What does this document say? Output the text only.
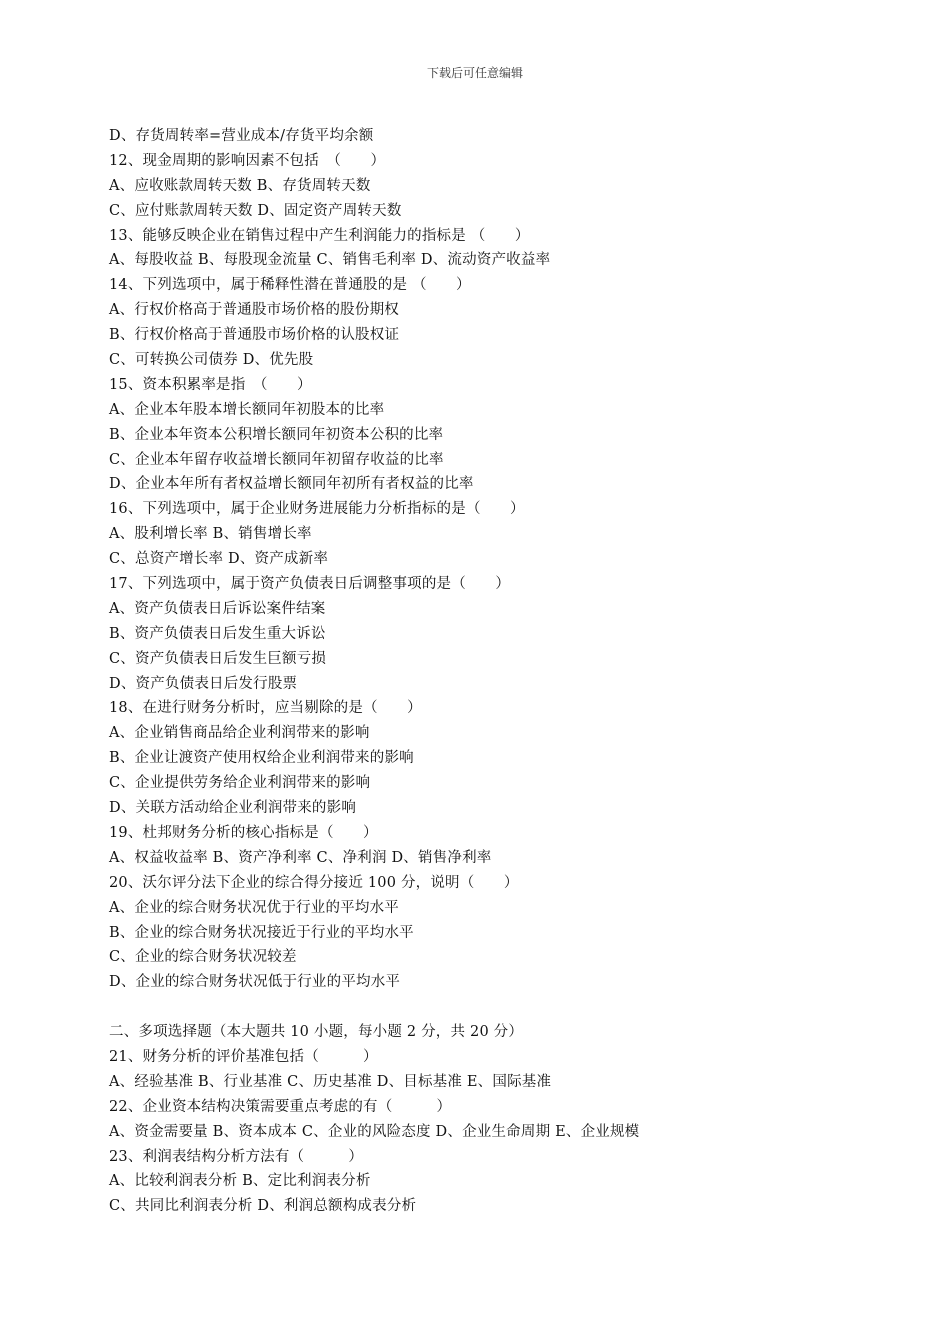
下载后可任意编辑
D、存货周转率=营业成本/存货平均余额
12、现金周期的影响因素不包括　（　　）
A、应收账款周转天数 B、存货周转天数
C、应付账款周转天数 D、固定资产周转天数
13、能够反映企业在销售过程中产生利润能力的指标是 （　　）
A、每股收益 B、每股现金流量 C、销售毛利率 D、流动资产收益率
14、下列选项中，属于稀释性潜在普通股的是 （　　）
A、行权价格高于普通股市场价格的股份期权
B、行权价格高于普通股市场价格的认股权证
C、可转换公司债券 D、优先股
15、资本积累率是指　（　　）
A、企业本年股本增长额同年初股本的比率
B、企业本年资本公积增长额同年初资本公积的比率
C、企业本年留存收益增长额同年初留存收益的比率
D、企业本年所有者权益增长额同年初所有者权益的比率
16、下列选项中，属于企业财务进展能力分析指标的是（　　）
A、股利增长率 B、销售增长率
C、总资产增长率 D、资产成新率
17、下列选项中，属于资产负债表日后调整事项的是（　　）
A、资产负债表日后诉讼案件结案
B、资产负债表日后发生重大诉讼
C、资产负债表日后发生巨额亏损
D、资产负债表日后发行股票
18、在进行财务分析时，应当剔除的是（　　）
A、企业销售商品给企业利润带来的影响
B、企业让渡资产使用权给企业利润带来的影响
C、企业提供劳务给企业利润带来的影响
D、关联方活动给企业利润带来的影响
19、杜邦财务分析的核心指标是（　　）
A、权益收益率 B、资产净利率 C、净利润 D、销售净利率
20、沃尔评分法下企业的综合得分接近 100 分，说明（　　）
A、企业的综合财务状况优于行业的平均水平
B、企业的综合财务状况接近于行业的平均水平
C、企业的综合财务状况较差
D、企业的综合财务状况低于行业的平均水平
二、多项选择题（本大题共 10 小题，每小题 2 分，共 20 分）
21、财务分析的评价基准包括（　　　）
A、经验基准 B、行业基准 C、历史基准 D、目标基准 E、国际基准
22、企业资本结构决策需要重点考虑的有（　　　）
A、资金需要量 B、资本成本 C、企业的风险态度 D、企业生命周期 E、企业规模
23、利润表结构分析方法有（　　　）
A、比较利润表分析 B、定比利润表分析
C、共同比利润表分析 D、利润总额构成表分析
